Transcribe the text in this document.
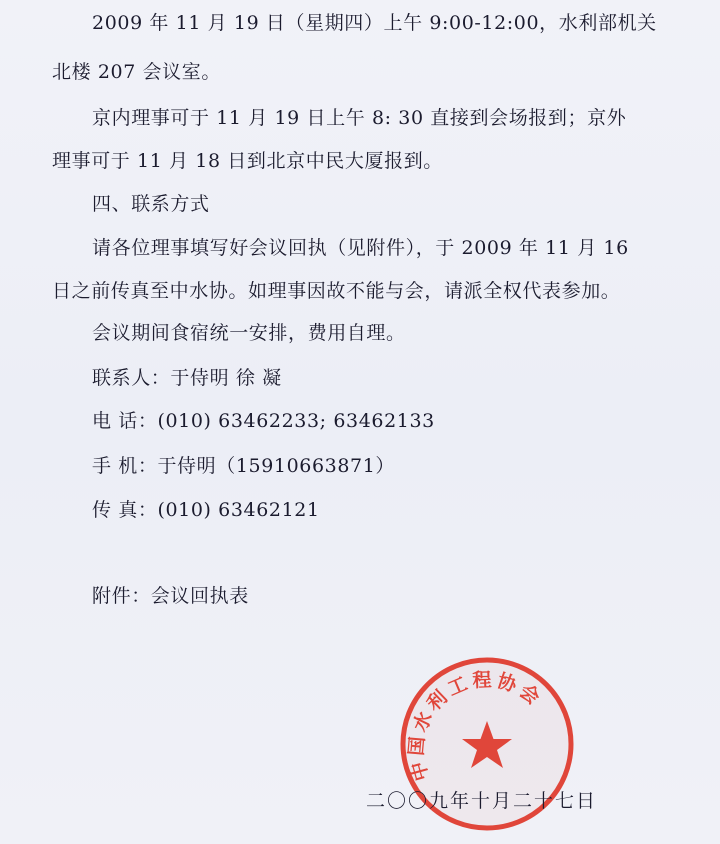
2009 年 11 月 19 日（星期四）上午 9:00-12:00，水利部机关
北楼 207 会议室。
京内理事可于 11 月 19 日上午 8: 30 直接到会场报到；京外
理事可于 11 月 18 日到北京中民大厦报到。
四、联系方式
请各位理事填写好会议回执（见附件），于 2009 年 11 月 16
日之前传真至中水协。如理事因故不能与会，请派全权代表参加。
会议期间食宿统一安排，费用自理。
联系人：于侍明 徐 凝
电 话：(010) 63462233; 63462133
手 机：于侍明（15910663871）
传 真：(010) 63462121
附件：会议回执表
中国水利工程协会
二〇〇九年十月二十七日
